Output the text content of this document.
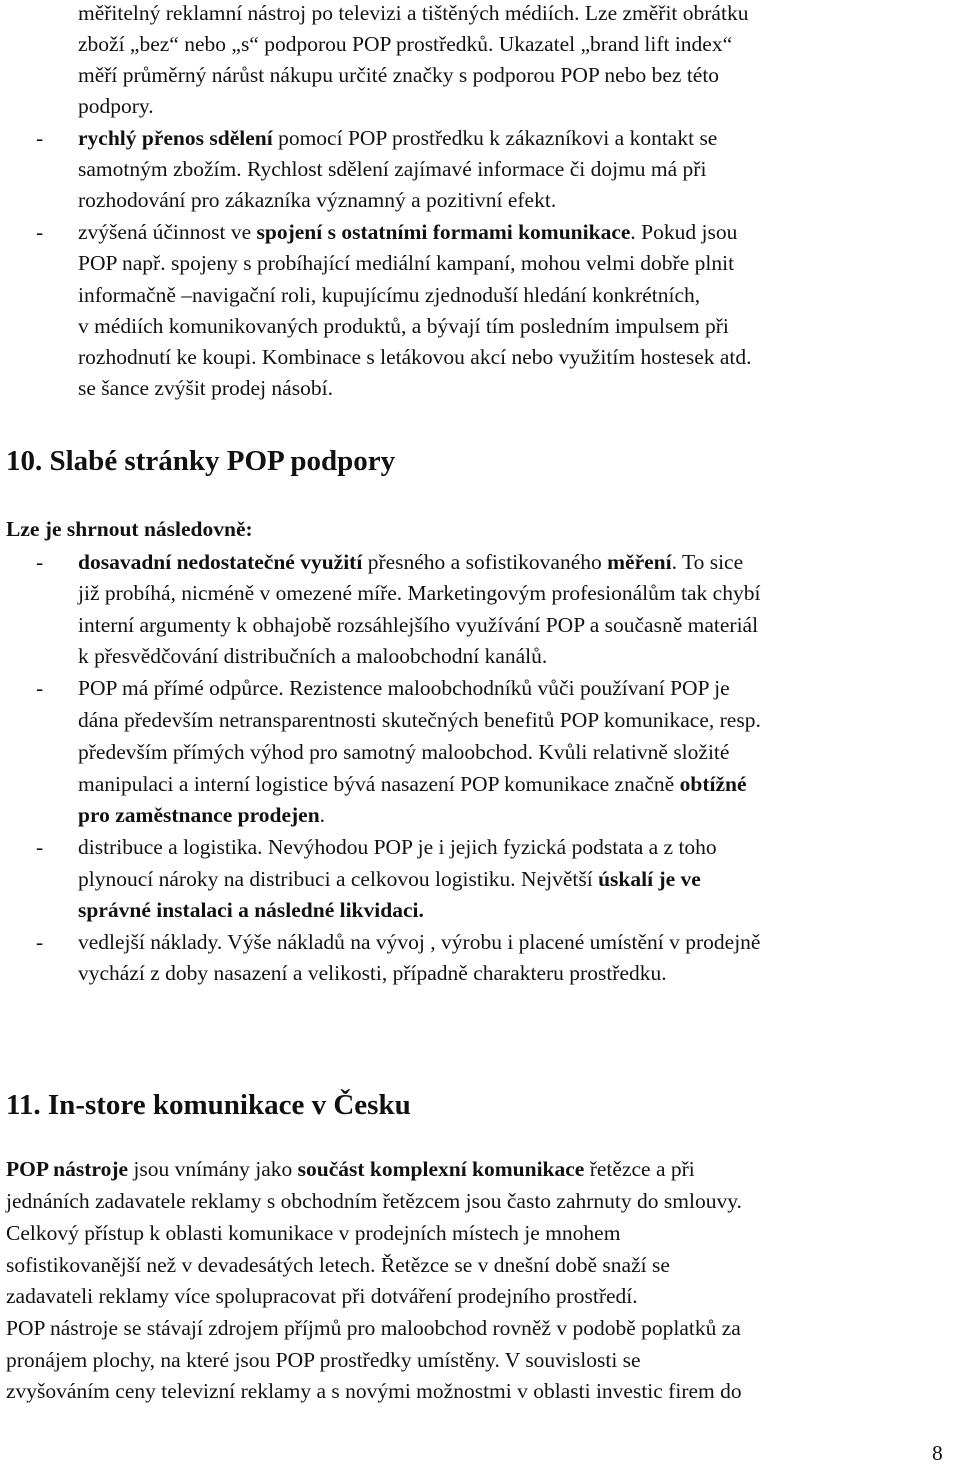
měřitelný reklamní nástroj po televizi a tištěných médiích. Lze změřit obrátku
zboží „bez“ nebo „s“ podporou POP prostředků. Ukazatel „brand lift index“
měří průměrný nárůst nákupu určité značky s podporou POP nebo bez této
podpory.
- rychlý přenos sdělení pomocí POP prostředku k zákazníkovi a kontakt se
samotným zbožím. Rychlost sdělení zajímavé informace či dojmu má při
rozhodování pro zákazníka významný a pozitivní efekt.
- zvýšená účinnost ve spojení s ostatními formami komunikace. Pokud jsou
POP např. spojeny s probíhající mediální kampaní, mohou velmi dobře plnit
informačně –navigační roli, kupujícímu zjednoduší hledání konkrétních,
v médiích komunikovaných produktů, a bývají tím posledním impulsem při
rozhodnutí ke koupi. Kombinace s letákovou akcí nebo využitím hostesek atd.
se šance zvýšit prodej násobí.
10. Slabé stránky POP podpory
Lze je shrnout následovně:
- dosavadní nedostatečné využití přesného a sofistikovaného měření. To sice
již probíhá, nicméně v omezené míře. Marketingovým profesionálům tak chybí
interní argumenty k obhajobě rozsáhlejšího využívání POP a současně materiál
k přesvědčování distribučních a maloobchodní kanálů.
- POP má přímé odpůrce. Rezistence maloobchodníků vůči používaní POP je
dána především netransparentnosti skutečných benefitů POP komunikace, resp.
především přímých výhod pro samotný maloobchod. Kvůli relativně složité
manipulaci a interní logistice bývá nasazení POP komunikace značně obtížné
pro zaměstnance prodejen.
- distribuce a logistika. Nevýhodou POP je i jejich fyzická podstata a z toho
plynoucí nároky na distribuci a celkovou logistiku. Největší úskalí je ve
správné instalaci a následné likvidaci.
- vedlejší náklady. Výše nákladů na vývoj , výrobu i placené umístění v prodejně
vychází z doby nasazení a velikosti, případně charakteru prostředku.
11. In-store komunikace v Česku
POP nástroje jsou vnímány jako součást komplexní komunikace řetězce a při
jednáních zadavatele reklamy s obchodním řetězcem jsou často zahrnuty do smlouvy.
Celkový přístup k oblasti komunikace v prodejních místech je mnohem
sofistikovanější než v devadesátých letech. Řetězce se v dnešní době snaží se
zadavateli reklamy více spolupracovat při dotváření prodejního prostředí.
POP nástroje se stávají zdrojem příjmů pro maloobchod rovněž v podobě poplatků za
pronájem plochy, na které jsou POP prostředky umístěny. V souvislosti se
zvyšováním ceny televizní reklamy a s novými možnostmi v oblasti investic firem do
8
